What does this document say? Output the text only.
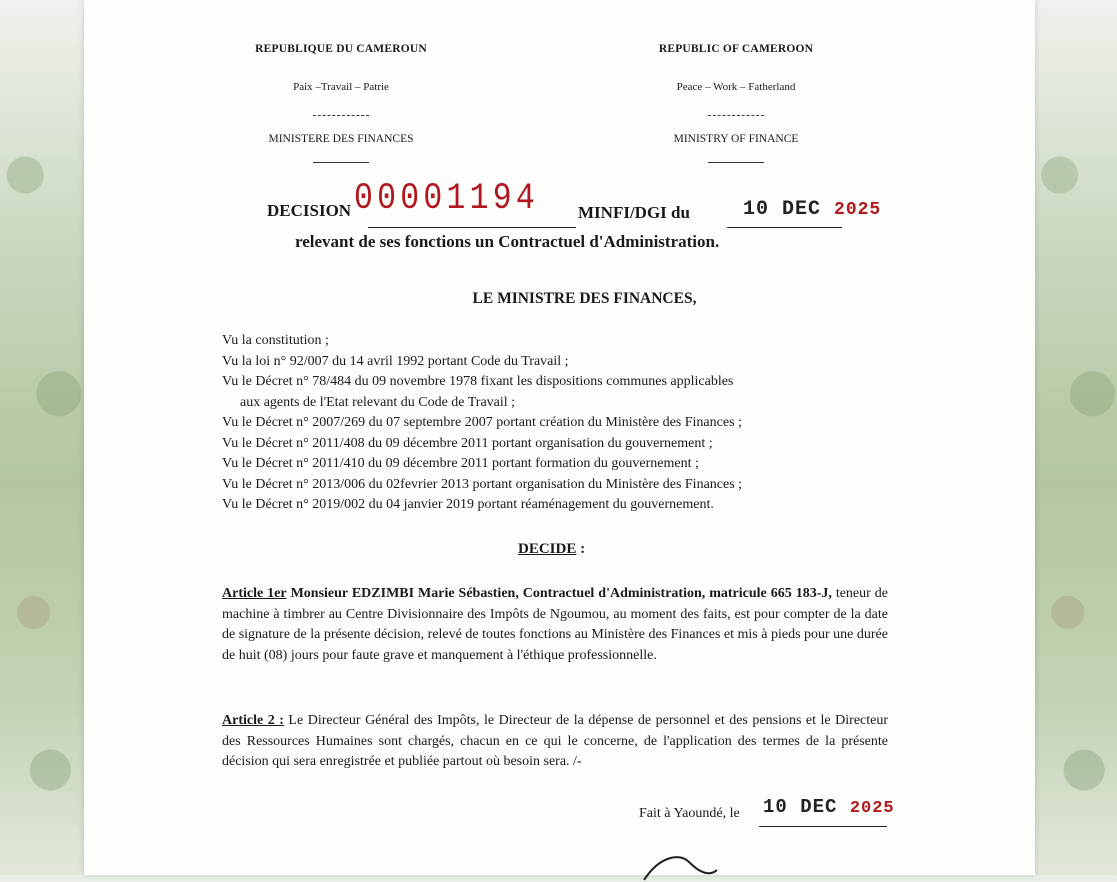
REPUBLIQUE DU CAMEROUN
Paix –Travail – Patrie
MINISTERE DES FINANCES
REPUBLIC OF CAMEROON
Peace – Work – Fatherland
MINISTRY OF FINANCE
DECISION 00001194 MINFI/DGI du	10 DEC 2025
relevant de ses fonctions un Contractuel d'Administration.
LE MINISTRE DES FINANCES,
Vu la constitution ;
Vu la loi n° 92/007 du 14 avril 1992 portant Code du Travail ;
Vu le Décret n° 78/484 du 09 novembre 1978 fixant les dispositions communes applicables
aux agents de l'Etat relevant du Code de Travail ;
Vu le Décret n° 2007/269 du 07 septembre 2007 portant création du Ministère des Finances ;
Vu le Décret n° 2011/408 du 09 décembre 2011 portant organisation du gouvernement ;
Vu le Décret n° 2011/410 du 09 décembre 2011 portant formation du gouvernement ;
Vu le Décret n° 2013/006 du 02fevrier 2013 portant organisation du Ministère des Finances ;
Vu le Décret n° 2019/002 du 04 janvier 2019 portant réaménagement du gouvernement.
DECIDE :
Article 1er Monsieur EDZIMBI Marie Sébastien, Contractuel d'Administration, matricule 665 183-J, teneur de machine à timbrer au Centre Divisionnaire des Impôts de Ngoumou, au moment des faits, est pour compter de la date de signature de la présente décision, relevé de toutes fonctions au Ministère des Finances et mis à pieds pour une durée de huit (08) jours pour faute grave et manquement à l'éthique professionnelle.
Article 2 : Le Directeur Général des Impôts, le Directeur de la dépense de personnel et des pensions et le Directeur des Ressources Humaines sont chargés, chacun en ce qui le concerne, de l'application des termes de la présente décision qui sera enregistrée et publiée partout où besoin sera. /-
Fait à Yaoundé, le 10 DEC 2025
